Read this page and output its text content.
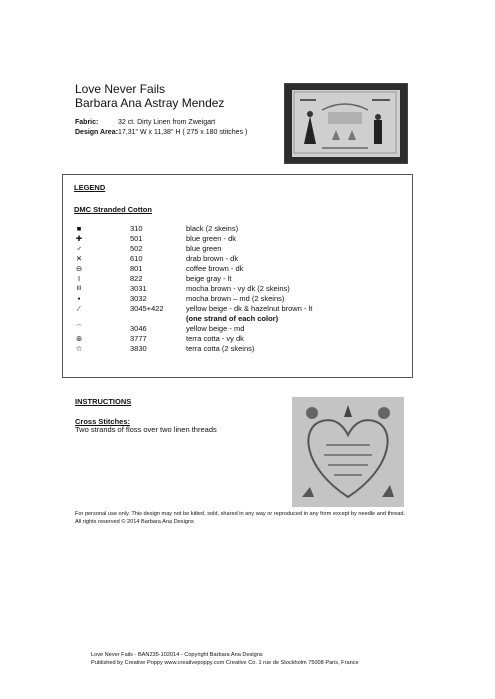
Love Never Fails
Barbara Ana Astray Mendez
Fabric:	32 ct. Dirty Linen from Zweigart
Design Area:17,31" W x 11,38" H ( 275 x 180 stitches )
LEGEND
DMC Stranded Cotton
■	310	black (2 skeins)
✚	501	blue green - dk
♂	502	blue green
✕	610	drab brown - dk
⊖	801	coffee brown - dk
I	822	beige gray - lt
III	3031	mocha brown - vy dk (2 skeins)
●	3032	mocha brown – md (2 skeins)
⁄	3045+422	yellow beige - dk & hazelnut brown - lt
(one strand of each color)
⌒	3046	yellow beige - md
⊛	3777	terra cotta - vy dk
☆	3830	terra cotta (2 skeins)
INSTRUCTIONS
Cross Stitches:
Two strands of floss over two linen threads
For personal use only. This design may not be kitted, sold, shared in any way or reproduced in any form except by needle and thread. All rights reserved © 2014 Barbara Ana Designs
Love Never Fails - BAN235-102014 - Copyright Barbara Ana Designs
Published by Creative Poppy www.creativepoppy.com Creative Co. 1 rue de Stockholm 75008 Paris, France
